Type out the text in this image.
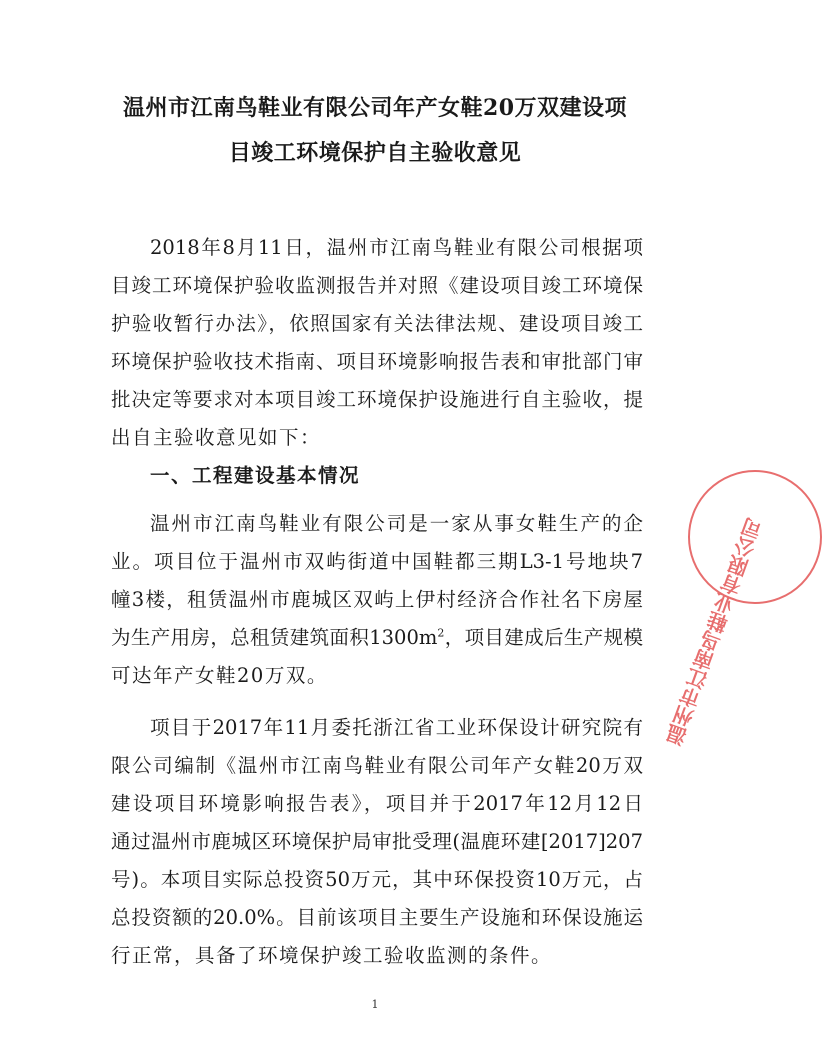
温州市江南鸟鞋业有限公司年产女鞋20万双建设项
目竣工环境保护自主验收意见
2018年8月11日，温州市江南鸟鞋业有限公司根据项
目竣工环境保护验收监测报告并对照《建设项目竣工环境保
护验收暂行办法》，依照国家有关法律法规、建设项目竣工
环境保护验收技术指南、项目环境影响报告表和审批部门审
批决定等要求对本项目竣工环境保护设施进行自主验收，提
出自主验收意见如下：
一、工程建设基本情况
温州市江南鸟鞋业有限公司是一家从事女鞋生产的企
业。项目位于温州市双屿街道中国鞋都三期L3-1号地块7
幢3楼，租赁温州市鹿城区双屿上伊村经济合作社名下房屋
为生产用房，总租赁建筑面积$1300m^2$，项目建成后生产规模
可达年产女鞋20万双。
项目于2017年11月委托浙江省工业环保设计研究院有
限公司编制《温州市江南鸟鞋业有限公司年产女鞋20万双
建设项目环境影响报告表》，项目并于2017年12月12日
通过温州市鹿城区环境保护局审批受理(温鹿环建[2017]207
号)。本项目实际总投资50万元，其中环保投资10万元，占
总投资额的20.0%。目前该项目主要生产设施和环保设施运
行正常，具备了环境保护竣工验收监测的条件。
1
温州市江南鸟鞋业有限公司
